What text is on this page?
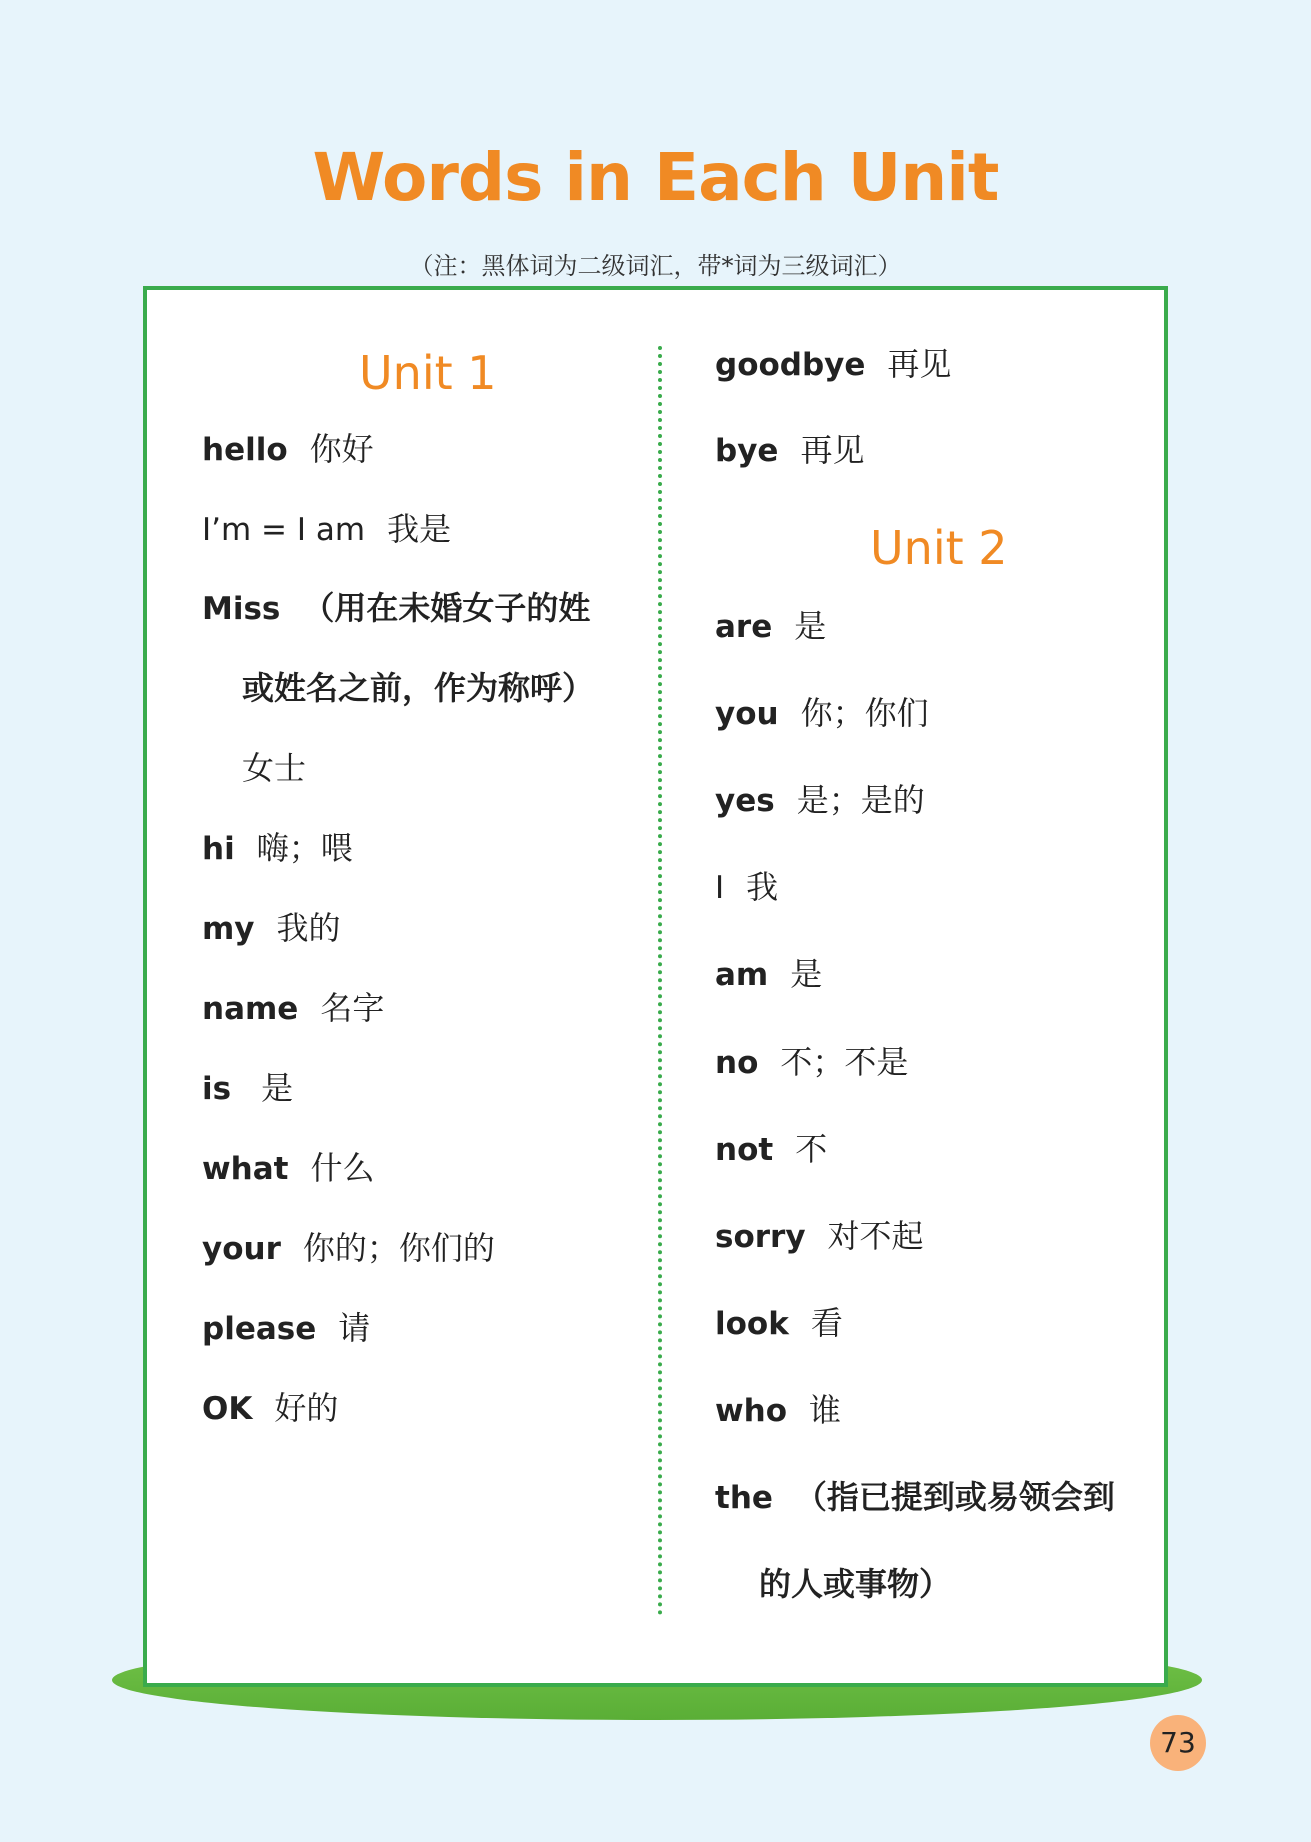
Words in Each Unit
（注：黑体词为二级词汇，带*词为三级词汇）
Unit 1
hello 你好
I’m = I am 我是
Miss （用在未婚女子的姓
或姓名之前，作为称呼）
女士
hi 嗨；喂
my 我的
name 名字
is 是
what 什么
your 你的；你们的
please 请
OK 好的
goodbye 再见
bye 再见
Unit 2
are 是
you 你；你们
yes 是；是的
I 我
am 是
no 不；不是
not 不
sorry 对不起
look 看
who 谁
the （指已提到或易领会到
的人或事物）
73
